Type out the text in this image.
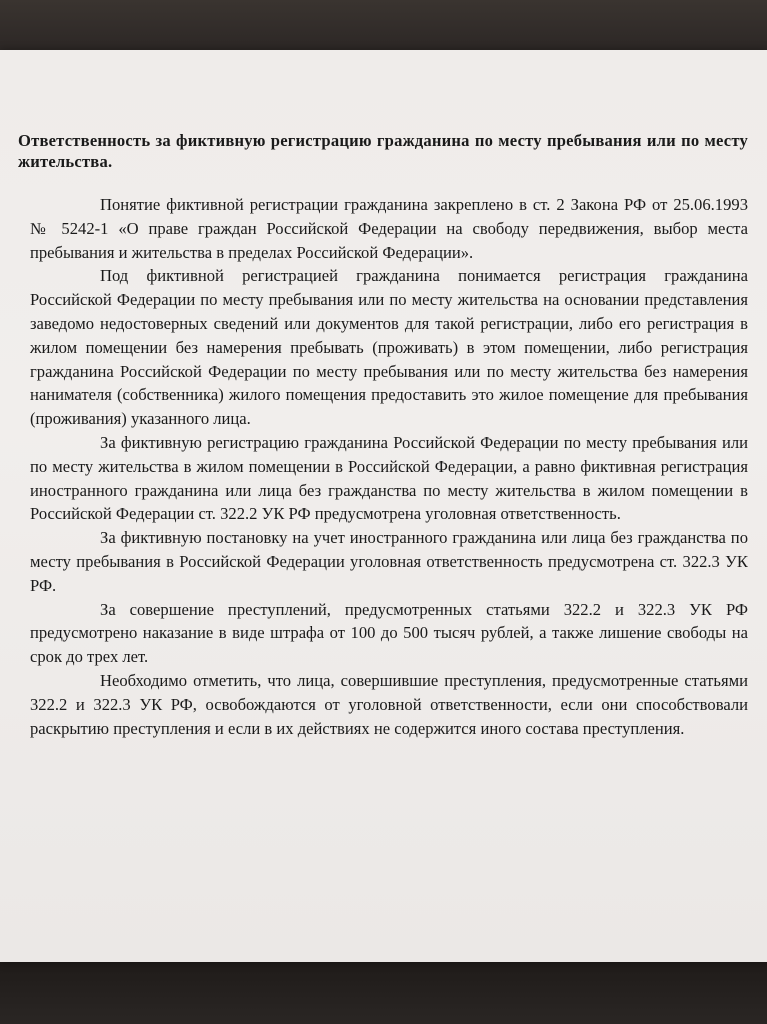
Ответственность за фиктивную регистрацию гражданина по месту пребывания или по месту жительства.

Понятие фиктивной регистрации гражданина закреплено в ст. 2 Закона РФ от 25.06.1993 № 5242-1 «О праве граждан Российской Федерации на свободу передвижения, выбор места пребывания и жительства в пределах Российской Федерации».

Под фиктивной регистрацией гражданина понимается регистрация гражданина Российской Федерации по месту пребывания или по месту жительства на основании представления заведомо недостоверных сведений или документов для такой регистрации, либо его регистрация в жилом помещении без намерения пребывать (проживать) в этом помещении, либо регистрация гражданина Российской Федерации по месту пребывания или по месту жительства без намерения нанимателя (собственника) жилого помещения предоставить это жилое помещение для пребывания (проживания) указанного лица.

За фиктивную регистрацию гражданина Российской Федерации по месту пребывания или по месту жительства в жилом помещении в Российской Федерации, а равно фиктивная регистрация иностранного гражданина или лица без гражданства по месту жительства в жилом помещении в Российской Федерации ст. 322.2 УК РФ предусмотрена уголовная ответственность.

За фиктивную постановку на учет иностранного гражданина или лица без гражданства по месту пребывания в Российской Федерации уголовная ответственность предусмотрена ст. 322.3 УК РФ.

За совершение преступлений, предусмотренных статьями 322.2 и 322.3 УК РФ предусмотрено наказание в виде штрафа от 100 до 500 тысяч рублей, а также лишение свободы на срок до трех лет.

Необходимо отметить, что лица, совершившие преступления, предусмотренные статьями 322.2 и 322.3 УК РФ, освобождаются от уголовной ответственности, если они способствовали раскрытию преступления и если в их действиях не содержится иного состава преступления.
